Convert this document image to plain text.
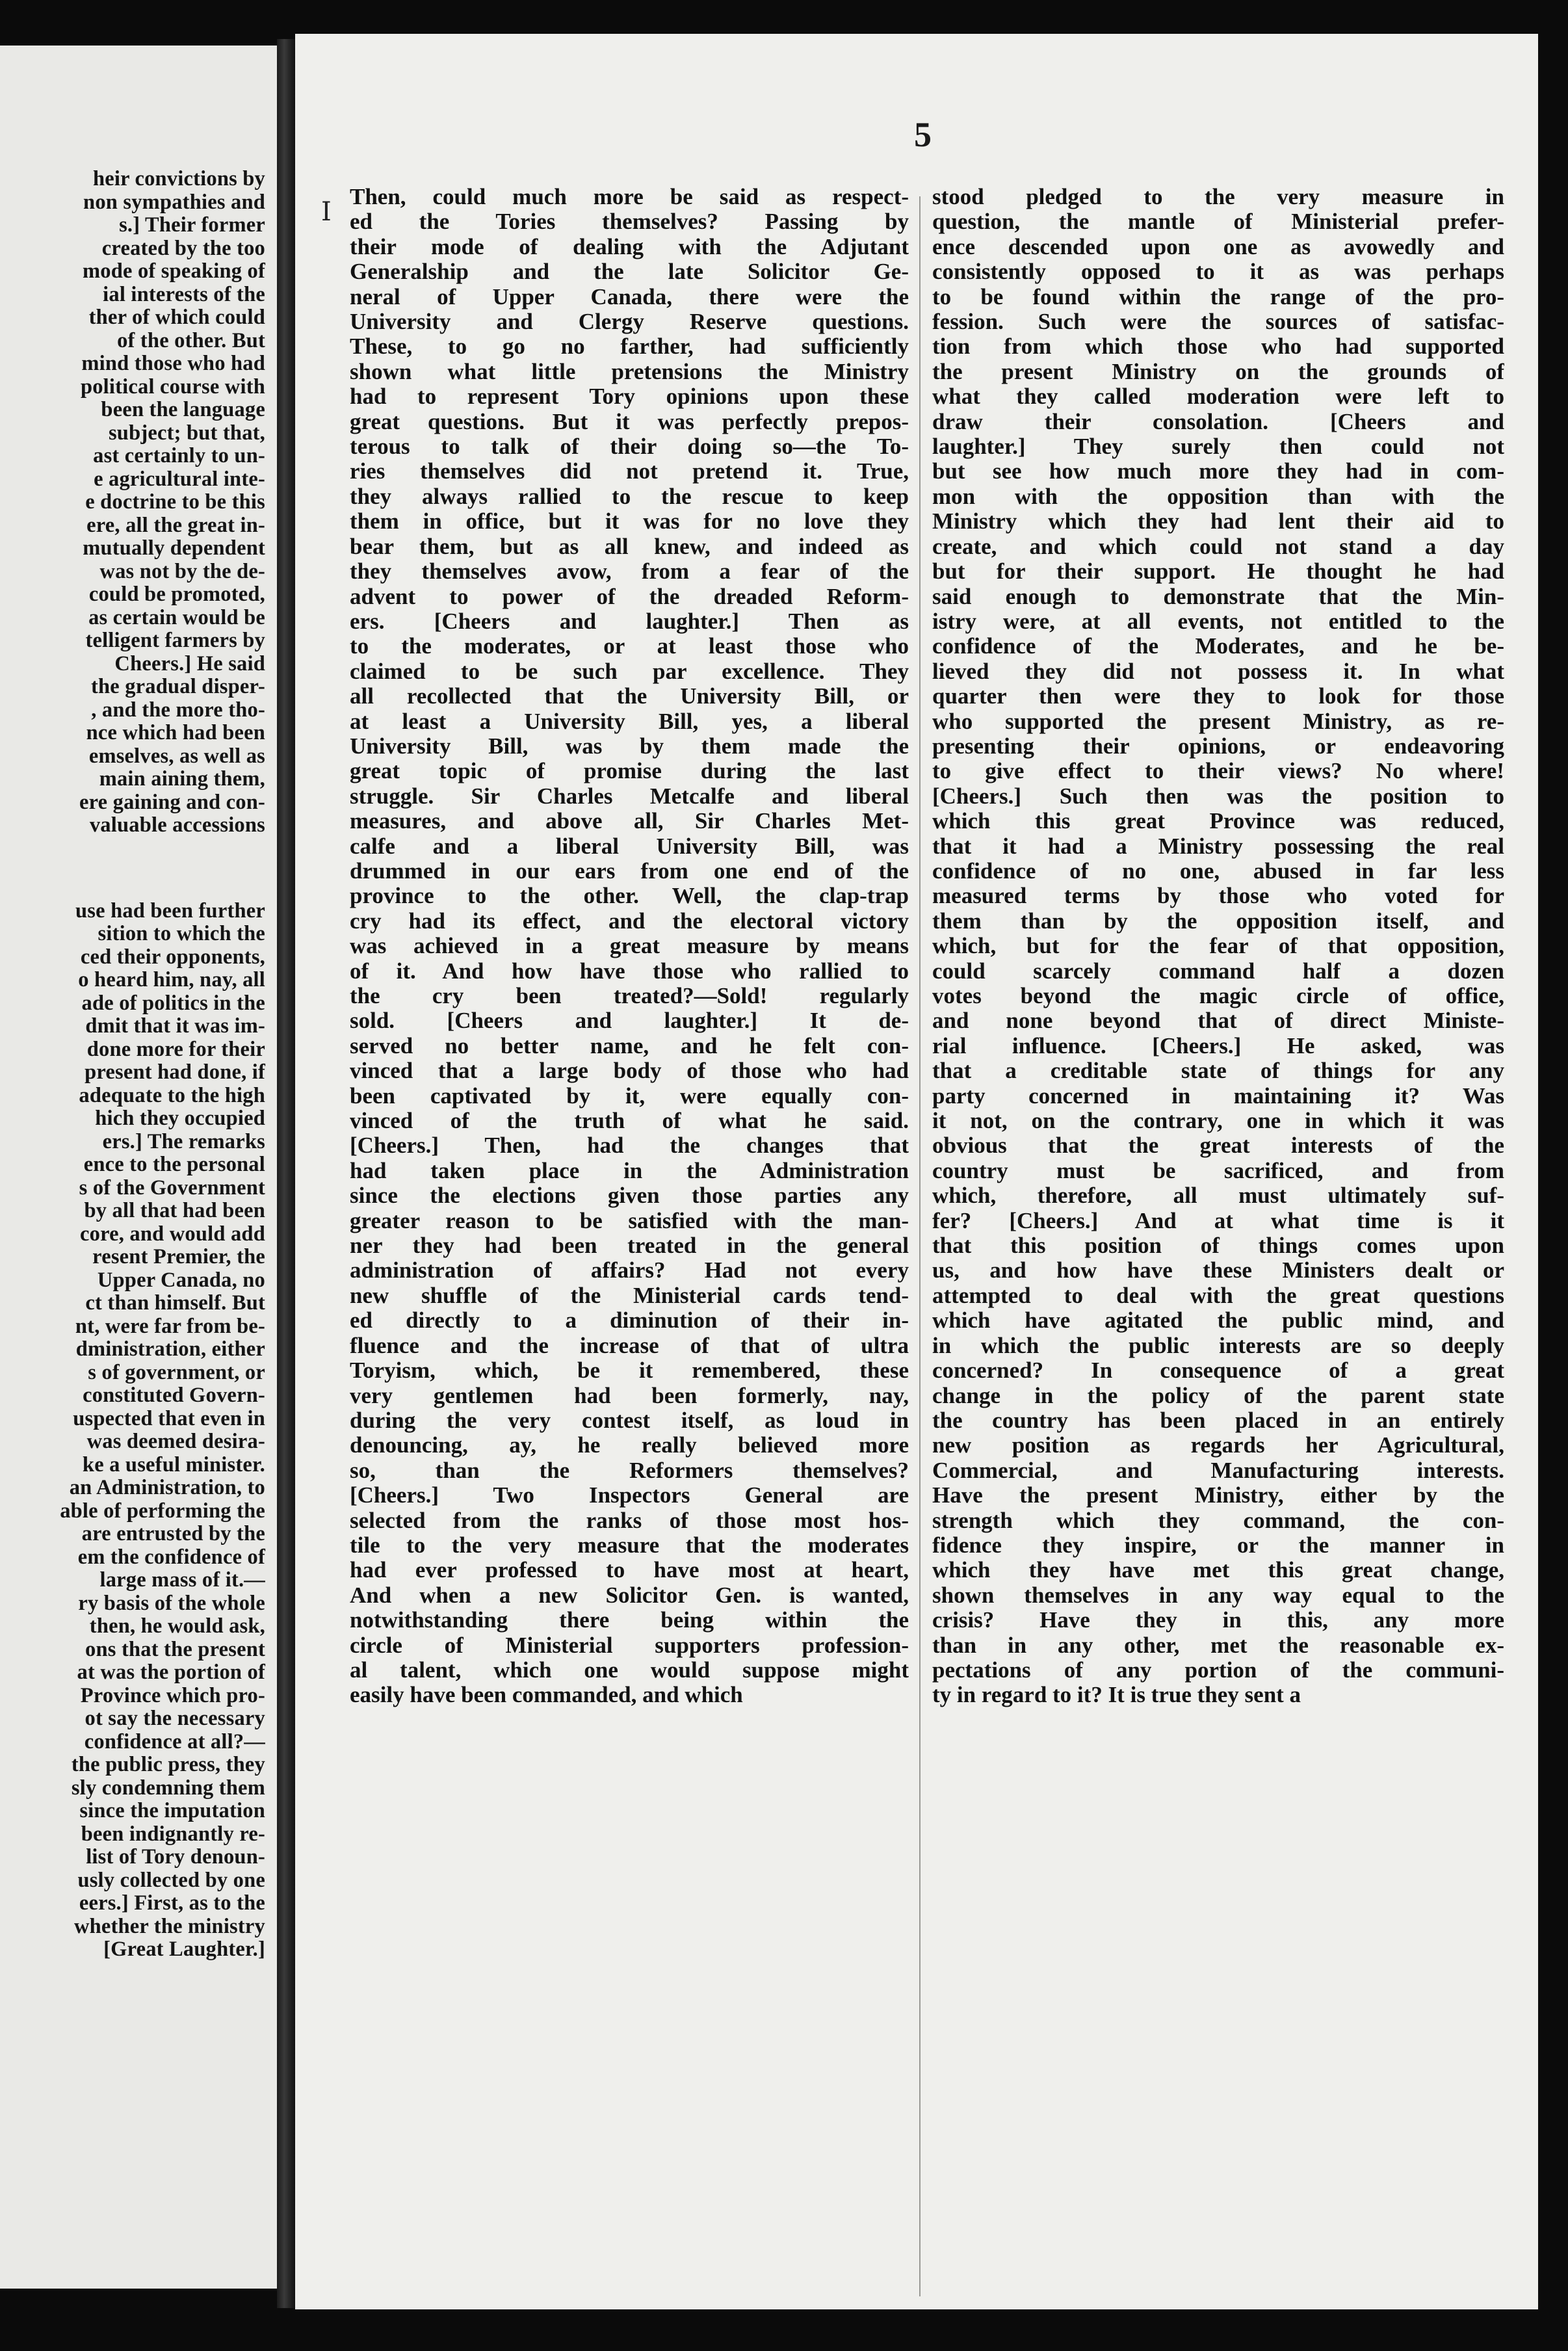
heir convictions by
non sympathies and
s.] Their former
created by the too
mode of speaking of
ial interests of the
ther of which could
of the other. But
mind those who had
political course with
been the language
subject; but that,
ast certainly to un-
e agricultural inte-
e doctrine to be this
ere, all the great in-
mutually dependent
was not by the de-
could be promoted,
as certain would be
telligent farmers by
Cheers.] He said
the gradual disper-
, and the more tho-
nce which had been
emselves, as well as
main aining them,
ere gaining and con-
valuable accessions

use had been further
sition to which the
ced their opponents,
o heard him, nay, all
ade of politics in the
dmit that it was im-
done more for their
present had done, if
adequate to the high
hich they occupied
ers.] The remarks
ence to the personal
s of the Government
by all that had been
core, and would add
resent Premier, the
Upper Canada, no
ct than himself. But
nt, were far from be-
dministration, either
s of government, or
constituted Govern-
uspected that even in
was deemed desira-
ke a useful minister.
an Administration, to
able of performing the
are entrusted by the
em the confidence of
large mass of it.—
ry basis of the whole
then, he would ask,
ons that the present
at was the portion of
Province which pro-
ot say the necessary
confidence at all?—
the public press, they
sly condemning them
since the imputation
been indignantly re-
list of Tory denoun-
usly collected by one
eers.] First, as to the
whether the ministry
[Great Laughter.]
Ⅰ
5
Then, could much more be said as respect-
ed the Tories themselves? Passing by
their mode of dealing with the Adjutant
Generalship and the late Solicitor Ge-
neral of Upper Canada, there were the
University and Clergy Reserve questions.
These, to go no farther, had sufficiently
shown what little pretensions the Ministry
had to represent Tory opinions upon these
great questions. But it was perfectly prepos-
terous to talk of their doing so—the To-
ries themselves did not pretend it. True,
they always rallied to the rescue to keep
them in office, but it was for no love they
bear them, but as all knew, and indeed as
they themselves avow, from a fear of the
advent to power of the dreaded Reform-
ers. [Cheers and laughter.] Then as
to the moderates, or at least those who
claimed to be such par excellence. They
all recollected that the University Bill, or
at least a University Bill, yes, a liberal
University Bill, was by them made the
great topic of promise during the last
struggle. Sir Charles Metcalfe and liberal
measures, and above all, Sir Charles Met-
calfe and a liberal University Bill, was
drummed in our ears from one end of the
province to the other. Well, the clap-trap
cry had its effect, and the electoral victory
was achieved in a great measure by means
of it. And how have those who rallied to
the cry been treated?—Sold! regularly
sold. [Cheers and laughter.] It de-
served no better name, and he felt con-
vinced that a large body of those who had
been captivated by it, were equally con-
vinced of the truth of what he said.
[Cheers.] Then, had the changes that
had taken place in the Administration
since the elections given those parties any
greater reason to be satisfied with the man-
ner they had been treated in the general
administration of affairs? Had not every
new shuffle of the Ministerial cards tend-
ed directly to a diminution of their in-
fluence and the increase of that of ultra
Toryism, which, be it remembered, these
very gentlemen had been formerly, nay,
during the very contest itself, as loud in
denouncing, ay, he really believed more
so, than the Reformers themselves?
[Cheers.] Two Inspectors General are
selected from the ranks of those most hos-
tile to the very measure that the moderates
had ever professed to have most at heart,
And when a new Solicitor Gen. is wanted,
notwithstanding there being within the
circle of Ministerial supporters profession-
al talent, which one would suppose might
easily have been commanded, and which
stood pledged to the very measure in
question, the mantle of Ministerial prefer-
ence descended upon one as avowedly and
consistently opposed to it as was perhaps
to be found within the range of the pro-
fession. Such were the sources of satisfac-
tion from which those who had supported
the present Ministry on the grounds of
what they called moderation were left to
draw their consolation. [Cheers and
laughter.] They surely then could not
but see how much more they had in com-
mon with the opposition than with the
Ministry which they had lent their aid to
create, and which could not stand a day
but for their support. He thought he had
said enough to demonstrate that the Min-
istry were, at all events, not entitled to the
confidence of the Moderates, and he be-
lieved they did not possess it. In what
quarter then were they to look for those
who supported the present Ministry, as re-
presenting their opinions, or endeavoring
to give effect to their views? No where!
[Cheers.] Such then was the position to
which this great Province was reduced,
that it had a Ministry possessing the real
confidence of no one, abused in far less
measured terms by those who voted for
them than by the opposition itself, and
which, but for the fear of that opposition,
could scarcely command half a dozen
votes beyond the magic circle of office,
and none beyond that of direct Ministe-
rial influence. [Cheers.] He asked, was
that a creditable state of things for any
party concerned in maintaining it? Was
it not, on the contrary, one in which it was
obvious that the great interests of the
country must be sacrificed, and from
which, therefore, all must ultimately suf-
fer? [Cheers.] And at what time is it
that this position of things comes upon
us, and how have these Ministers dealt or
attempted to deal with the great questions
which have agitated the public mind, and
in which the public interests are so deeply
concerned? In consequence of a great
change in the policy of the parent state
the country has been placed in an entirely
new position as regards her Agricultural,
Commercial, and Manufacturing interests.
Have the present Ministry, either by the
strength which they command, the con-
fidence they inspire, or the manner in
which they have met this great change,
shown themselves in any way equal to the
crisis? Have they in this, any more
than in any other, met the reasonable ex-
pectations of any portion of the communi-
ty in regard to it? It is true they sent a
